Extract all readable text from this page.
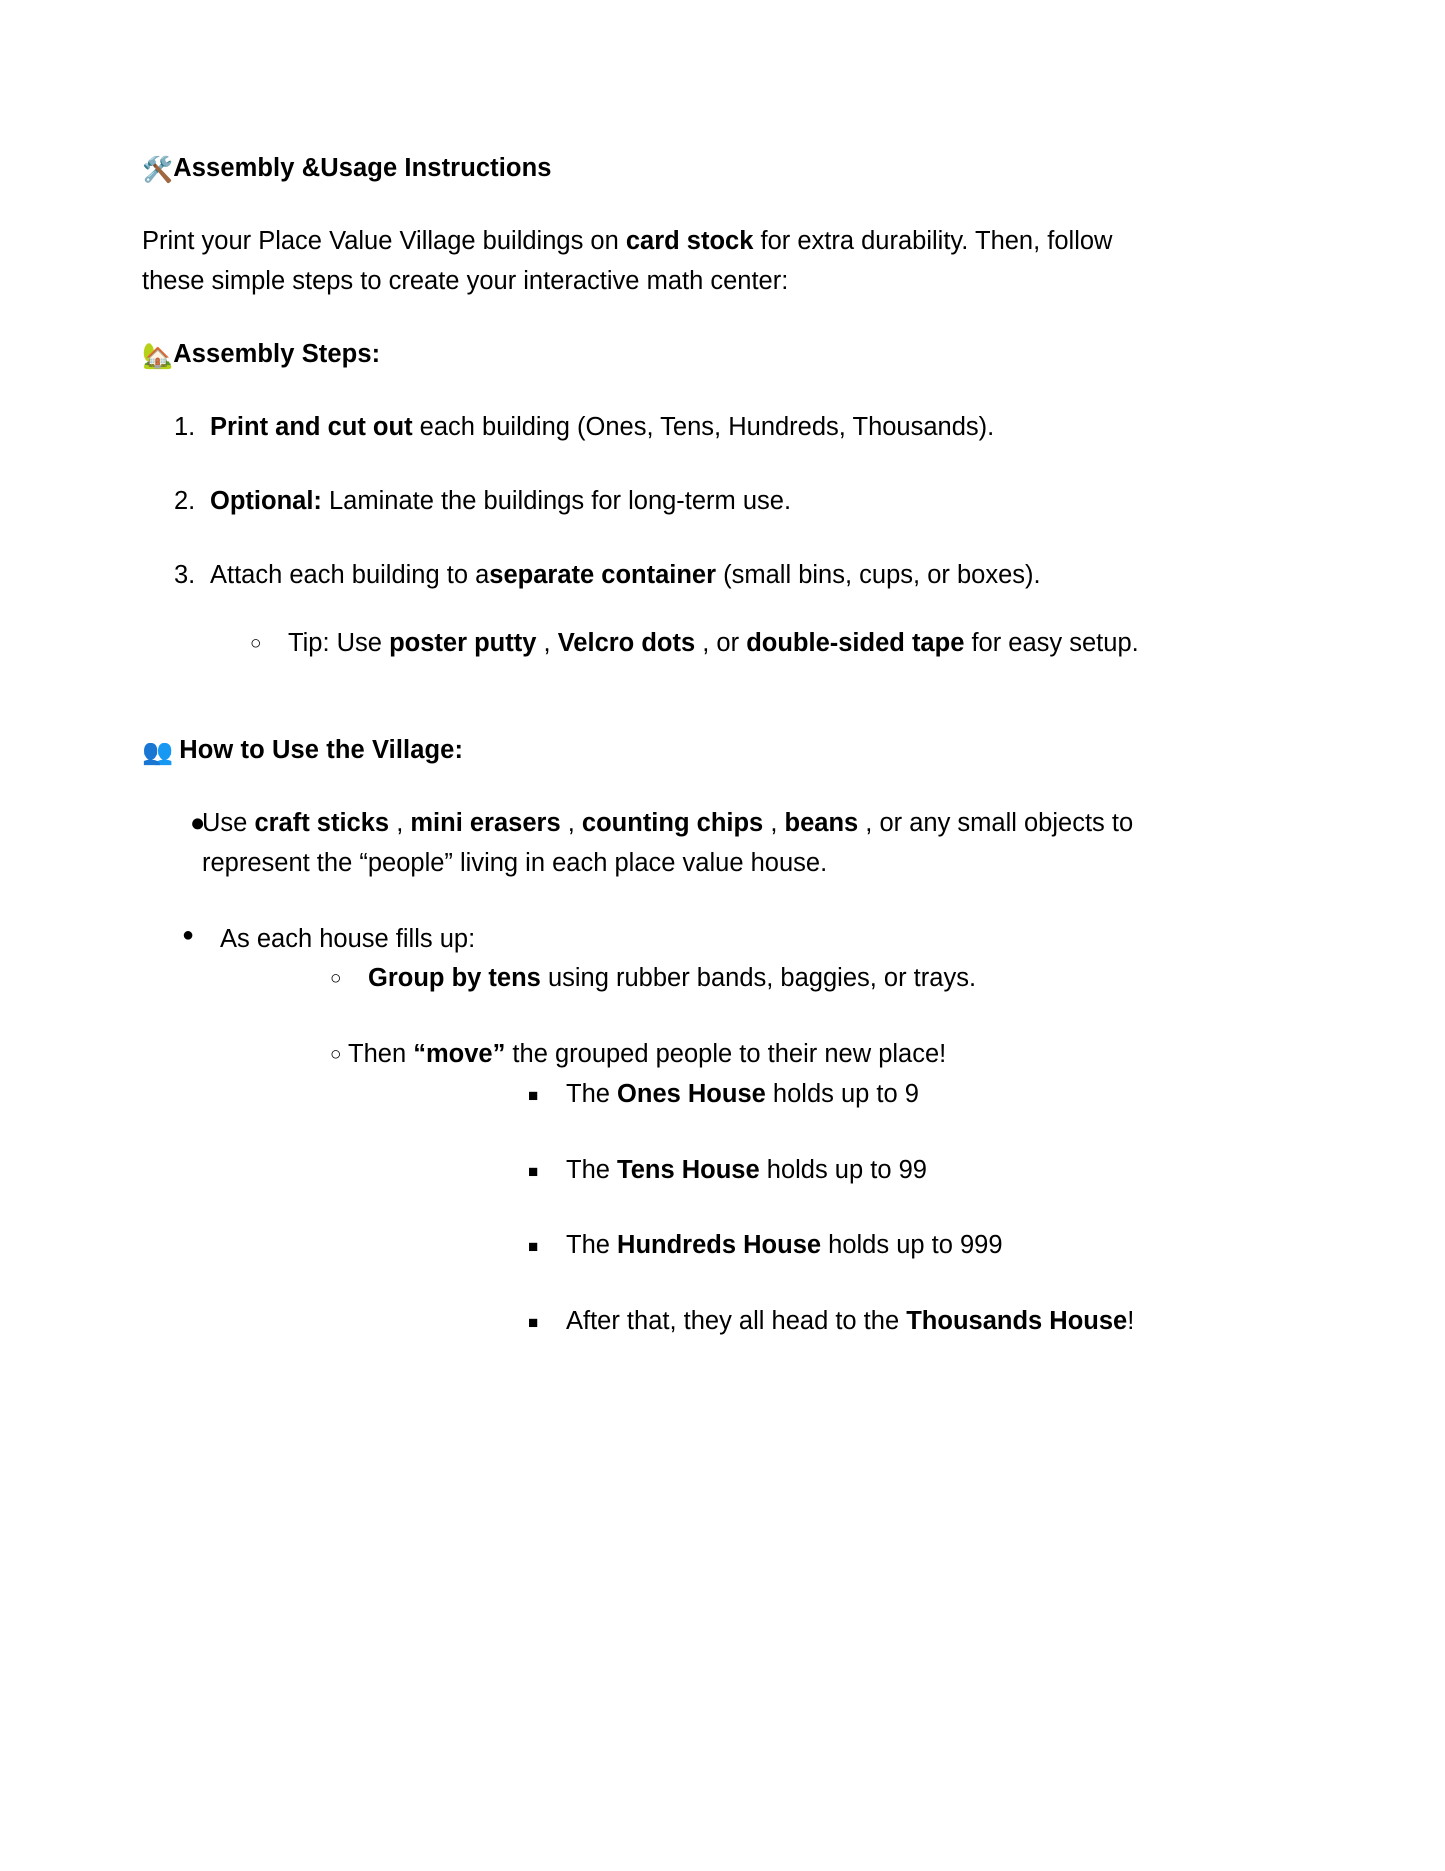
🛠️Assembly &Usage Instructions

Print your Place Value Village buildings on card stock for extra durability. Then, follow these simple steps to create your interactive math center:

🏡Assembly Steps:
1. Print and cut out each building (Ones, Tens, Hundreds, Thousands).
2. Optional: Laminate the buildings for long-term use.
3. Attach each building to aseparate container (small bins, cups, or boxes).
○ Tip: Use poster putty , Velcro dots , or double-sided tape for easy setup.
👥 How to Use the Village:
●
Use craft sticks , mini erasers , counting chips , beans , or any small objects to represent the “people” living in each place value house.
● As each house fills up:
○ Group by tens using rubber bands, baggies, or trays.
○ Then “move” the grouped people to their new place!
■ The Ones House holds up to 9
■ The Tens House holds up to 99
■ The Hundreds House holds up to 999
■ After that, they all head to the Thousands House!
